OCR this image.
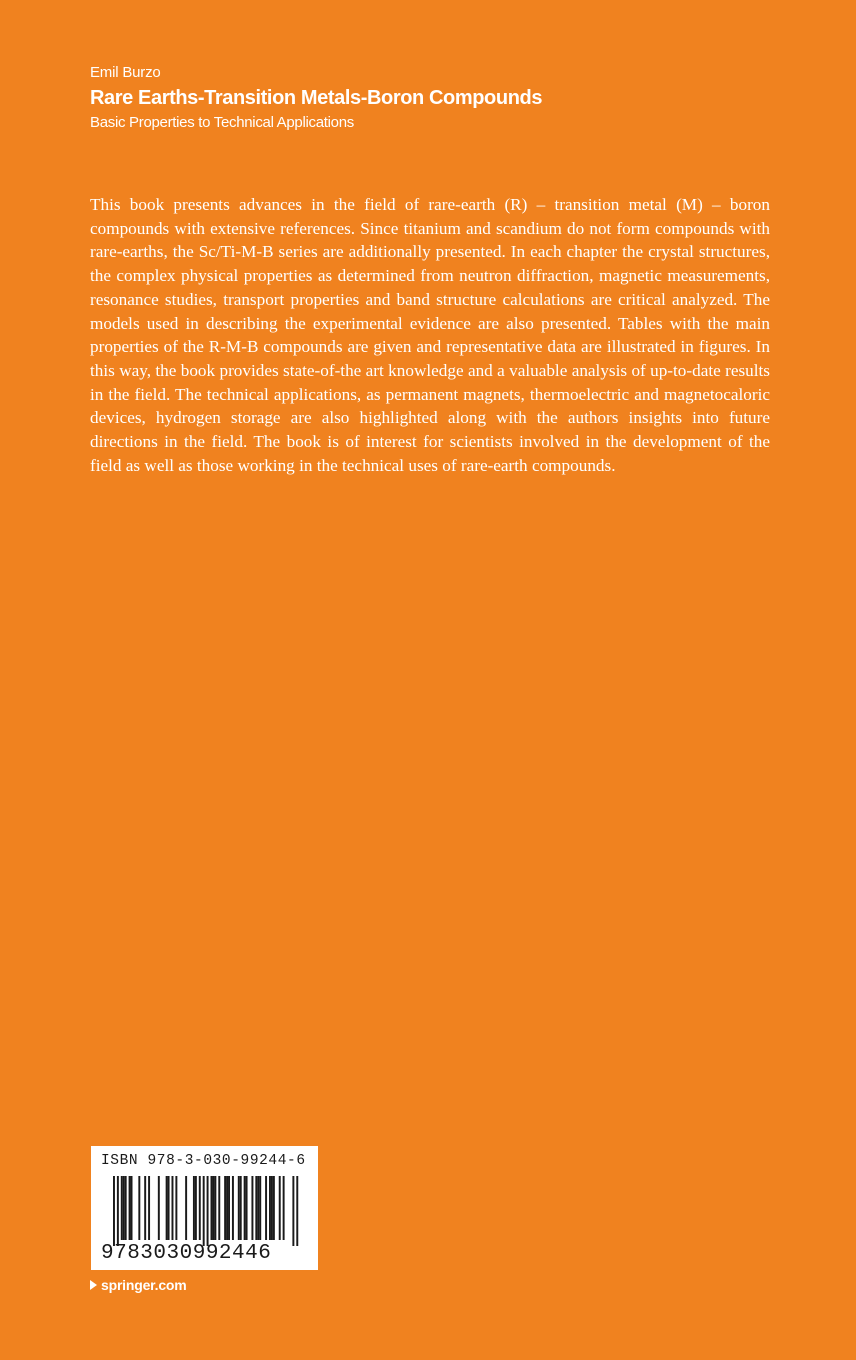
Emil Burzo

Rare Earths-Transition Metals-Boron Compounds

Basic Properties to Technical Applications

This book presents advances in the field of rare-earth (R) – transition metal (M) – boron compounds with extensive references. Since titanium and scandium do not form compounds with rare-earths, the Sc/Ti-M-B series are additionally presented. In each chapter the crystal structures, the complex physical properties as determined from neutron diffraction, magnetic measurements, resonance studies, transport properties and band structure calculations are critical analyzed. The models used in describing the experimental evidence are also presented. Tables with the main properties of the R-M-B compounds are given and representative data are illustrated in figures. In this way, the book provides state-of-the art knowledge and a valuable analysis of up-to-date results in the field. The technical applications, as permanent magnets, thermoelectric and magnetocaloric devices, hydrogen storage are also highlighted along with the authors insights into future directions in the field. The book is of interest for scientists involved in the development of the field as well as those working in the technical uses of rare-earth compounds.

ISBN 978-3-030-99244-6

9783030992446

springer.com
